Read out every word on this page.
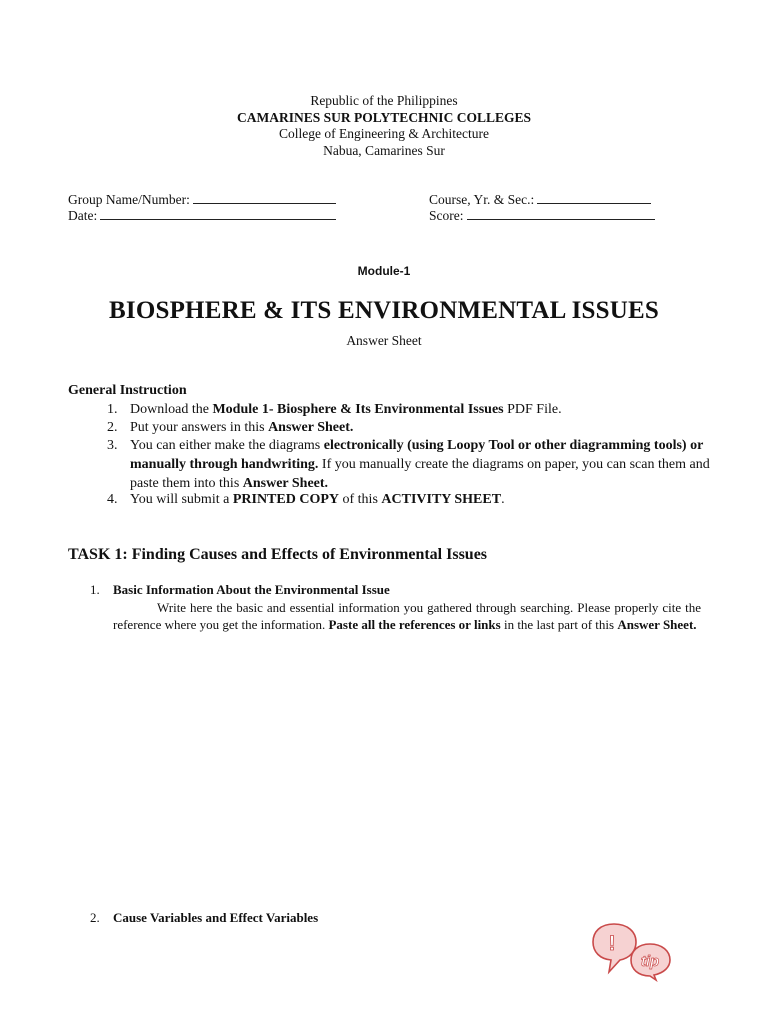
Republic of the Philippines
CAMARINES SUR POLYTECHNIC COLLEGES
College of Engineering & Architecture
Nabua, Camarines Sur
Group Name/Number:	Course, Yr. & Sec.:
Date:	Score:
Module-1
BIOSPHERE & ITS ENVIRONMENTAL ISSUES
Answer Sheet
General Instruction
1. Download the Module 1- Biosphere & Its Environmental Issues PDF File.
2. Put your answers in this Answer Sheet.
3. You can either make the diagrams electronically (using Loopy Tool or other diagramming tools) or manually through handwriting. If you manually create the diagrams on paper, you can scan them and paste them into this Answer Sheet.
4. You will submit a PRINTED COPY of this ACTIVITY SHEET.
TASK 1: Finding Causes and Effects of Environmental Issues
1. Basic Information About the Environmental Issue
Write here the basic and essential information you gathered through searching. Please properly cite the reference where you get the information. Paste all the references or links in the last part of this Answer Sheet.
2. Cause Variables and Effect Variables
!
tip
